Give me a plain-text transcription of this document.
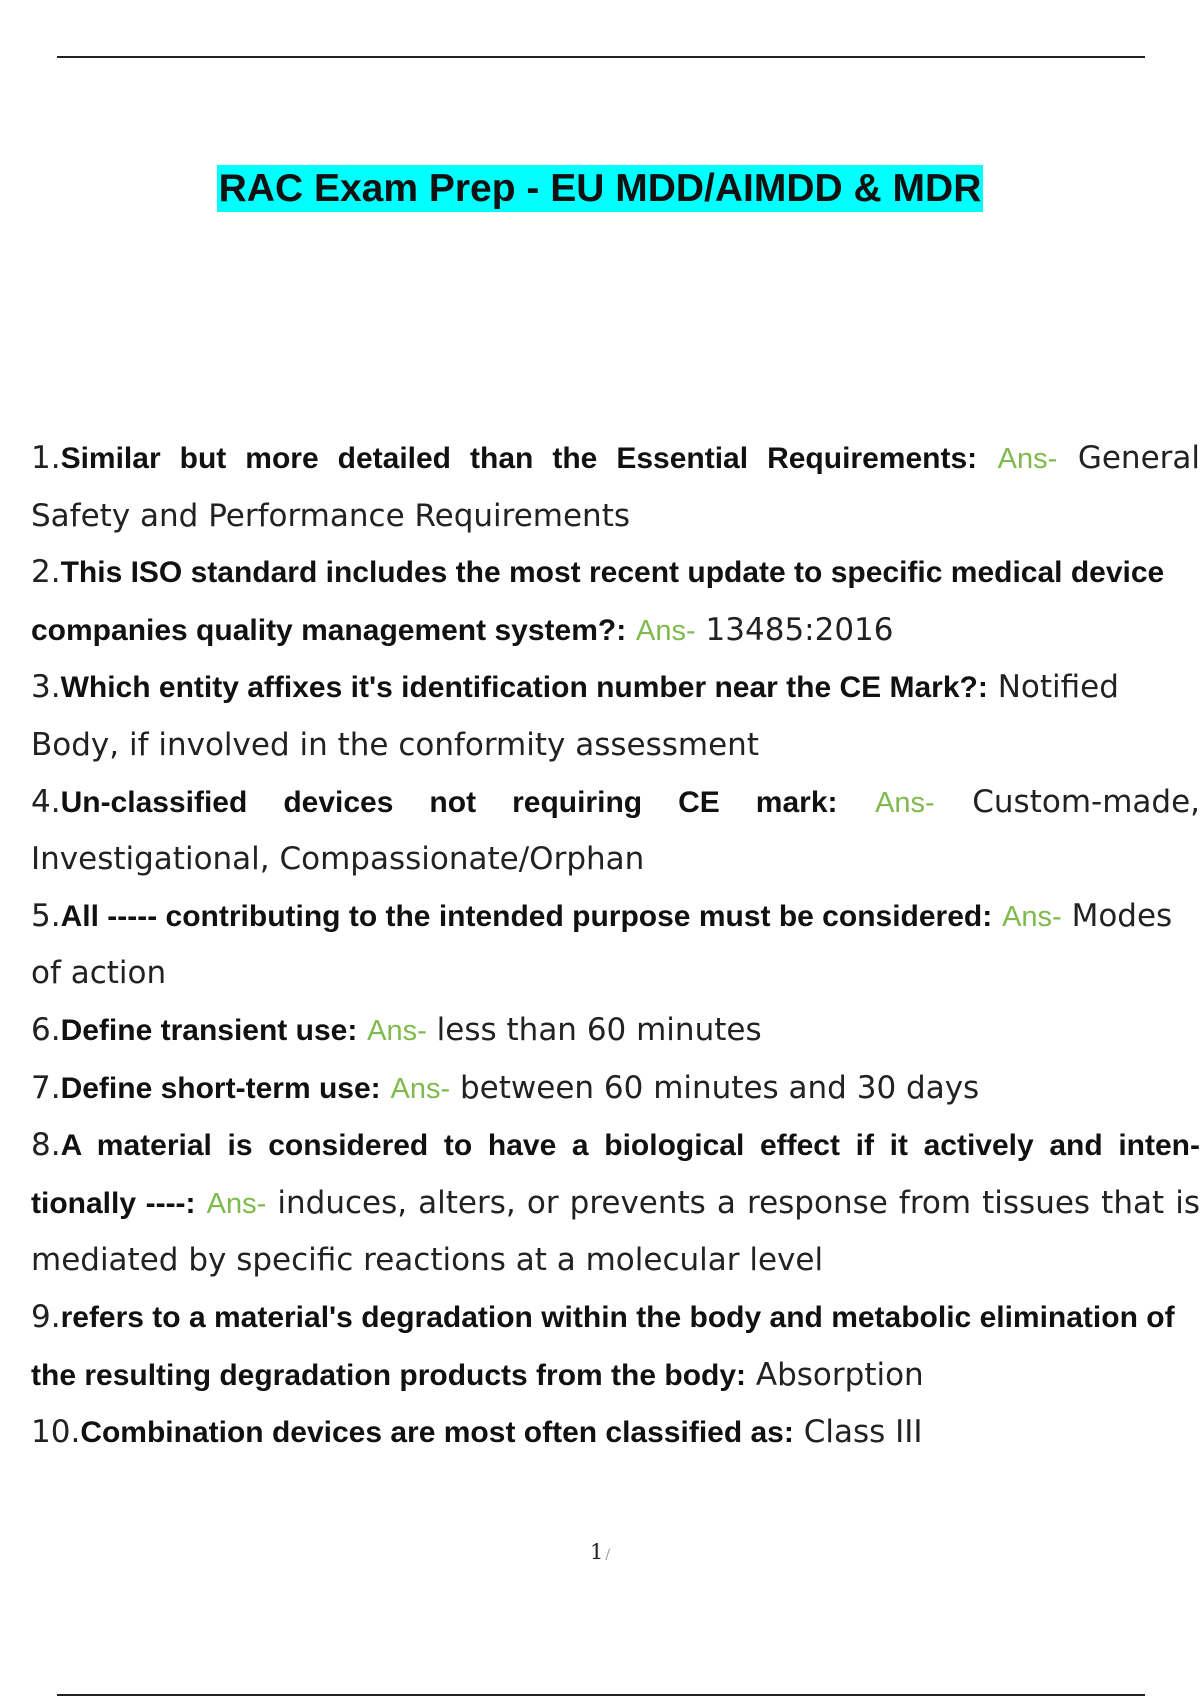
RAC Exam Prep - EU MDD/AIMDD & MDR
1.Similar but more detailed than the Essential Requirements: Ans- General Safety and Performance Requirements
2.This ISO standard includes the most recent update to specific medical device companies quality management system?: Ans- 13485:2016
3.Which entity affixes it's identification number near the CE Mark?: Notified Body, if involved in the conformity assessment
4.Un-classified devices not requiring CE mark: Ans- Custom-made, Investigational, Compassionate/Orphan
5.All ----- contributing to the intended purpose must be considered: Ans- Modes of action
6.Define transient use: Ans- less than 60 minutes
7.Define short-term use: Ans- between 60 minutes and 30 days
8.A material is considered to have a biological effect if it actively and inten- tionally ----: Ans- induces, alters, or prevents a response from tissues that is mediated by specific reactions at a molecular level
9.refers to a material's degradation within the body and metabolic elimination of the resulting degradation products from the body: Absorption
10.Combination devices are most often classified as: Class III
1 /
